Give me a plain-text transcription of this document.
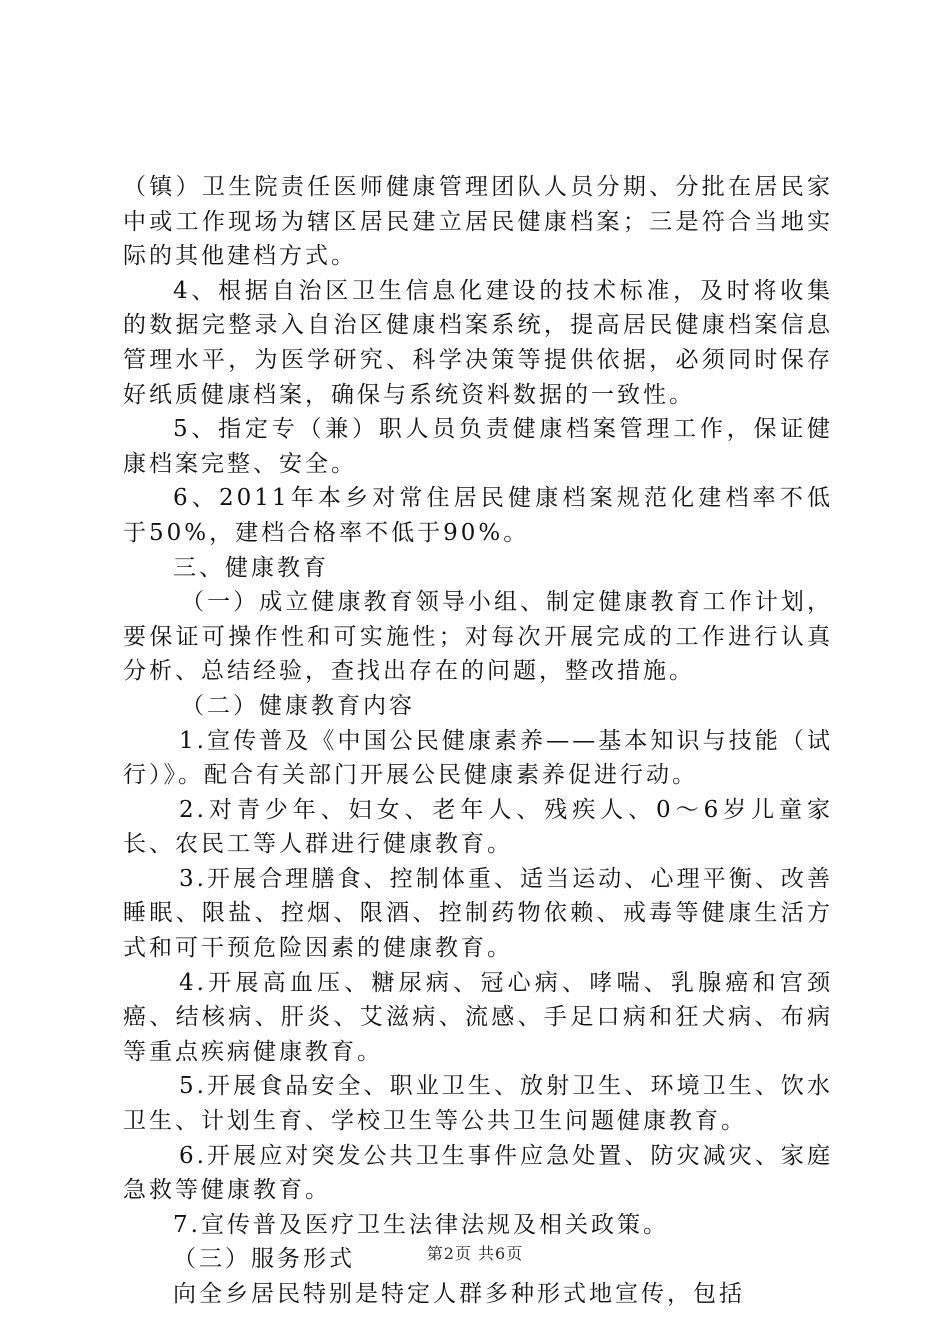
（镇）卫生院责任医师健康管理团队人员分期、分批在居民家中或工作现场为辖区居民建立居民健康档案；三是符合当地实际的其他建档方式。

4、根据自治区卫生信息化建设的技术标准，及时将收集的数据完整录入自治区健康档案系统，提高居民健康档案信息管理水平，为医学研究、科学决策等提供依据，必须同时保存好纸质健康档案，确保与系统资料数据的一致性。

5、指定专（兼）职人员负责健康档案管理工作，保证健康档案完整、安全。

6、2011年本乡对常住居民健康档案规范化建档率不低于50%，建档合格率不低于90%。

三、健康教育

（一）成立健康教育领导小组、制定健康教育工作计划，要保证可操作性和可实施性；对每次开展完成的工作进行认真分析、总结经验，查找出存在的问题，整改措施。

（二）健康教育内容

1.宣传普及《中国公民健康素养——基本知识与技能（试行）》。配合有关部门开展公民健康素养促进行动。

2.对青少年、妇女、老年人、残疾人、0～6岁儿童家长、农民工等人群进行健康教育。

3.开展合理膳食、控制体重、适当运动、心理平衡、改善睡眠、限盐、控烟、限酒、控制药物依赖、戒毒等健康生活方式和可干预危险因素的健康教育。

4.开展高血压、糖尿病、冠心病、哮喘、乳腺癌和宫颈癌、结核病、肝炎、艾滋病、流感、手足口病和狂犬病、布病等重点疾病健康教育。

5.开展食品安全、职业卫生、放射卫生、环境卫生、饮水卫生、计划生育、学校卫生等公共卫生问题健康教育。

6.开展应对突发公共卫生事件应急处置、防灾减灾、家庭急救等健康教育。

7.宣传普及医疗卫生法律法规及相关政策。

（三）服务形式

向全乡居民特别是特定人群多种形式地宣传，包括

第2页 共6页
